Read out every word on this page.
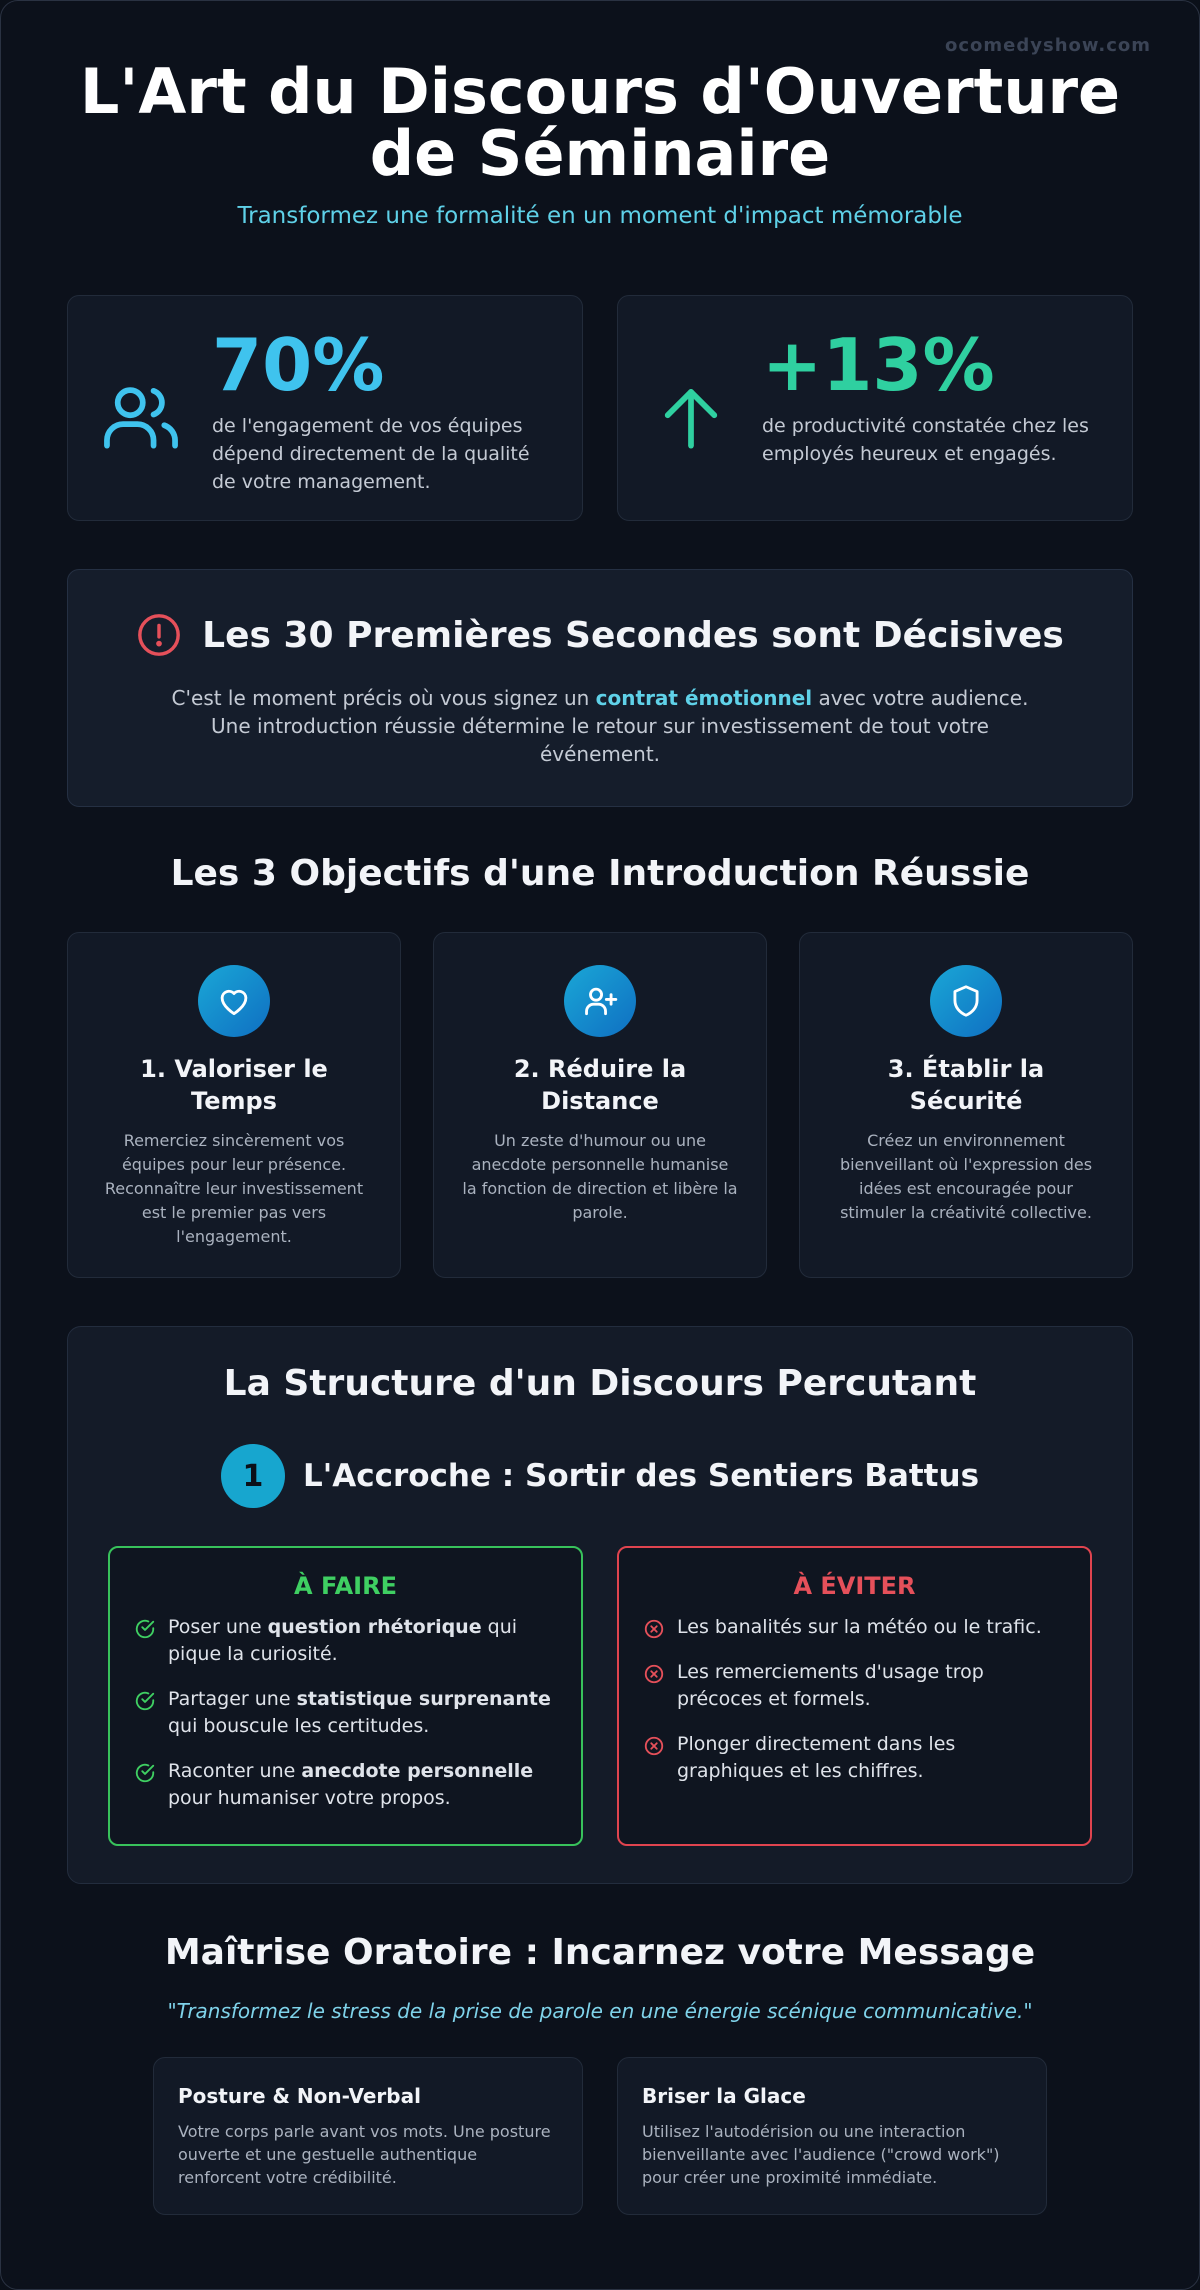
ocomedyshow.com
L'Art du Discours d'Ouverture de Séminaire
Transformez une formalité en un moment d'impact mémorable
70%
de l'engagement de vos équipes dépend directement de la qualité de votre management.
+13%
de productivité constatée chez les employés heureux et engagés.
Les 30 Premières Secondes sont Décisives
C'est le moment précis où vous signez un contrat émotionnel avec votre audience. Une introduction réussie détermine le retour sur investissement de tout votre événement.
Les 3 Objectifs d'une Introduction Réussie
1. Valoriser le Temps
Remerciez sincèrement vos équipes pour leur présence. Reconnaître leur investissement est le premier pas vers l'engagement.
2. Réduire la Distance
Un zeste d'humour ou une anecdote personnelle humanise la fonction de direction et libère la parole.
3. Établir la Sécurité
Créez un environnement bienveillant où l'expression des idées est encouragée pour stimuler la créativité collective.
La Structure d'un Discours Percutant
1	L'Accroche : Sortir des Sentiers Battus
À FAIRE
Poser une question rhétorique qui pique la curiosité.
Partager une statistique surprenante qui bouscule les certitudes.
Raconter une anecdote personnelle pour humaniser votre propos.
À ÉVITER
Les banalités sur la météo ou le trafic.
Les remerciements d'usage trop précoces et formels.
Plonger directement dans les graphiques et les chiffres.
Maîtrise Oratoire : Incarnez votre Message
"Transformez le stress de la prise de parole en une énergie scénique communicative."
Posture & Non-Verbal
Votre corps parle avant vos mots. Une posture ouverte et une gestuelle authentique renforcent votre crédibilité.
Briser la Glace
Utilisez l'autodérision ou une interaction bienveillante avec l'audience ("crowd work") pour créer une proximité immédiate.
